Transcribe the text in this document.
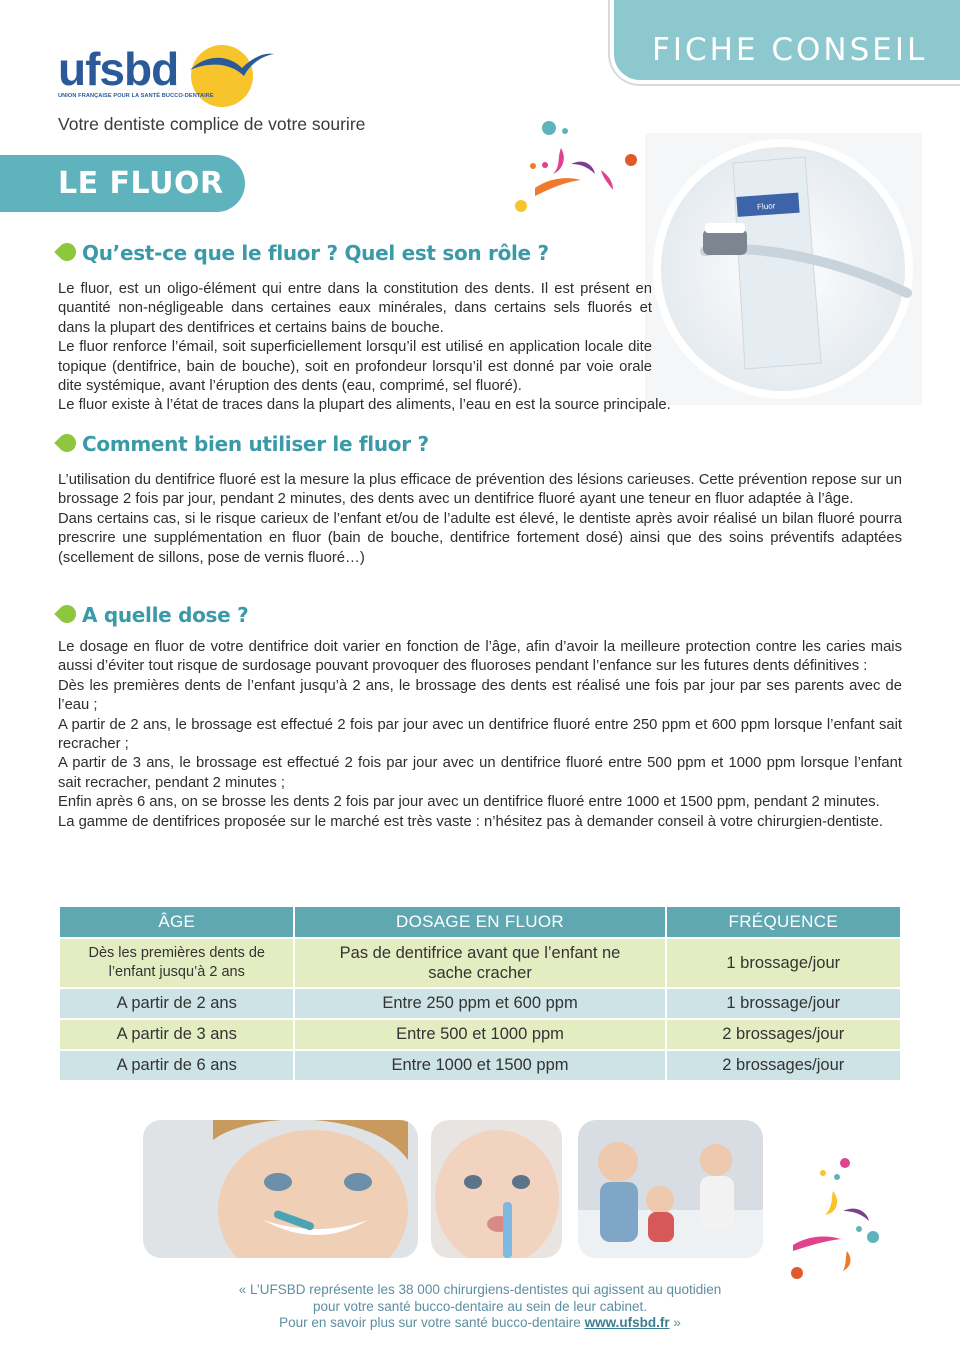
FICHE CONSEIL
ufsbd
UNION FRANÇAISE POUR LA SANTÉ BUCCO-DENTAIRE
Votre dentiste complice de votre sourire
LE FLUOR
Fluor
Qu’est-ce que le fluor ? Quel est son rôle ?

Le fluor, est un oligo-élément qui entre dans la constitution des dents. Il est présent en quantité non-négligeable dans certaines eaux minérales, dans certains sels fluorés et dans la plupart des dentifrices et certains bains de bouche.

Le fluor renforce l’émail, soit superficiellement lorsqu’il est utilisé en application locale dite topique (dentifrice, bain de bouche), soit en profondeur lorsqu’il est donné par voie orale dite systémique, avant l’éruption des dents (eau, comprimé, sel fluoré).

Le fluor existe à l’état de traces dans la plupart des aliments, l’eau en est la source principale.

Comment bien utiliser le fluor ?

L’utilisation du dentifrice fluoré est la mesure la plus efficace de prévention des lésions carieuses. Cette prévention repose sur un brossage 2 fois par jour, pendant 2 minutes, des dents avec un dentifrice fluoré ayant une teneur en fluor adaptée à l’âge.

Dans certains cas, si le risque carieux de l’enfant et/ou de l’adulte est élevé, le dentiste après avoir réalisé un bilan fluoré pourra prescrire une supplémentation en fluor (bain de bouche, dentifrice fortement dosé) ainsi que des soins préventifs adaptées (scellement de sillons, pose de vernis fluoré…)

A quelle dose ?

Le dosage en fluor de votre dentifrice doit varier en fonction de l’âge, afin d’avoir la meilleure protection contre les caries mais aussi d’éviter tout risque de surdosage pouvant provoquer des fluoroses pendant l’enfance sur les futures dents définitives :

Dès les premières dents de l’enfant jusqu’à 2 ans, le brossage des dents est réalisé une fois par jour par ses parents avec de l’eau ;

A partir de 2 ans, le brossage est effectué 2 fois par jour avec un dentifrice fluoré entre 250 ppm et 600 ppm lorsque l’enfant sait recracher ;

A partir de 3 ans, le brossage est effectué 2 fois par jour avec un dentifrice fluoré entre 500 ppm et 1000 ppm lorsque l’enfant sait recracher, pendant 2 minutes ;

Enfin après 6 ans, on se brosse les dents 2 fois par jour avec un dentifrice fluoré entre 1000 et 1500 ppm, pendant 2 minutes.

La gamme de dentifrices proposée sur le marché est très vaste : n’hésitez pas à demander conseil à votre chirurgien-dentiste.

ÂGE	DOSAGE EN FLUOR	FRÉQUENCE
Dès les premières dents de l’enfant jusqu’à 2 ans	Pas de dentifrice avant que l’enfant ne sache cracher	1 brossage/jour
A partir de 2 ans	Entre 250 ppm et 600 ppm	1 brossage/jour
A partir de 3 ans	Entre 500 et 1000 ppm	2 brossages/jour
A partir de 6 ans	Entre 1000 et 1500 ppm	2 brossages/jour
« L’UFSBD représente les 38 000 chirurgiens-dentistes qui agissent au quotidien
pour votre santé bucco-dentaire au sein de leur cabinet.
Pour en savoir plus sur votre santé bucco-dentaire www.ufsbd.fr »
